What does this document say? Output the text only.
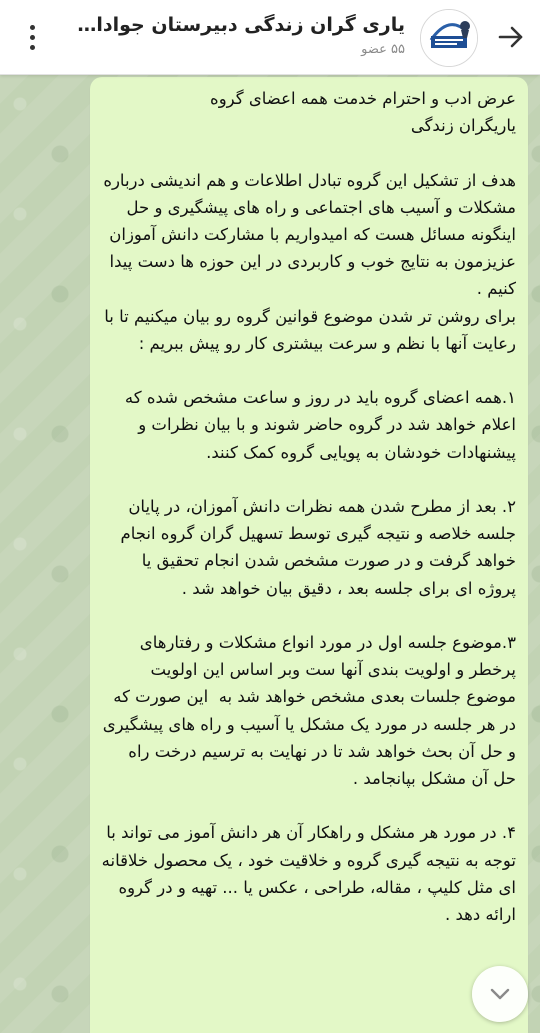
یاری گران زندگی دبیرستان جوادا...
۵۵ عضو

عرض ادب و احترام خدمت همه اعضای گروه
یاریگران زندگی

هدف از تشکیل این گروه تبادل اطلاعات و هم اندیشی درباره مشکلات و آسیب های اجتماعی و راه های پیشگیری و حل اینگونه مسائل هست که امیدواریم با مشارکت دانش آموزان عزیزمون به نتایج خوب و کاربردی در این حوزه ها دست پیدا کنیم .
برای روشن تر شدن موضوع قوانین گروه رو بیان میکنیم تا با رعایت آنها با نظم و سرعت بیشتری کار رو پیش ببریم :

۱.همه اعضای گروه باید در روز و ساعت مشخص شده که اعلام خواهد شد در گروه حاضر شوند و با بیان نظرات و پیشنهادات خودشان به پویایی گروه کمک کنند.

۲. بعد از مطرح شدن همه نظرات دانش آموزان، در پایان جلسه خلاصه و نتیجه گیری توسط تسهیل گران گروه انجام خواهد گرفت و در صورت مشخص شدن انجام تحقیق یا پروژه ای برای جلسه بعد ، دقیق بیان خواهد شد .

۳.موضوع جلسه اول در مورد انواع مشکلات و رفتارهای پرخطر و اولویت بندی آنها ست وبر اساس این اولویت موضوع جلسات بعدی مشخص خواهد شد به  این صورت که در هر جلسه در مورد یک مشکل یا آسیب و راه های پیشگیری و حل آن بحث خواهد شد تا در نهایت به ترسیم درخت راه حل آن مشکل بپانجامد .

۴. در مورد هر مشکل و راهکار آن هر دانش آموز می تواند با توجه به نتیجه گیری گروه و خلاقیت خود ، یک محصول خلاقانه ای مثل کلیپ ، مقاله، طراحی ، عکس یا ... تهیه و در گروه ارائه دهد .
